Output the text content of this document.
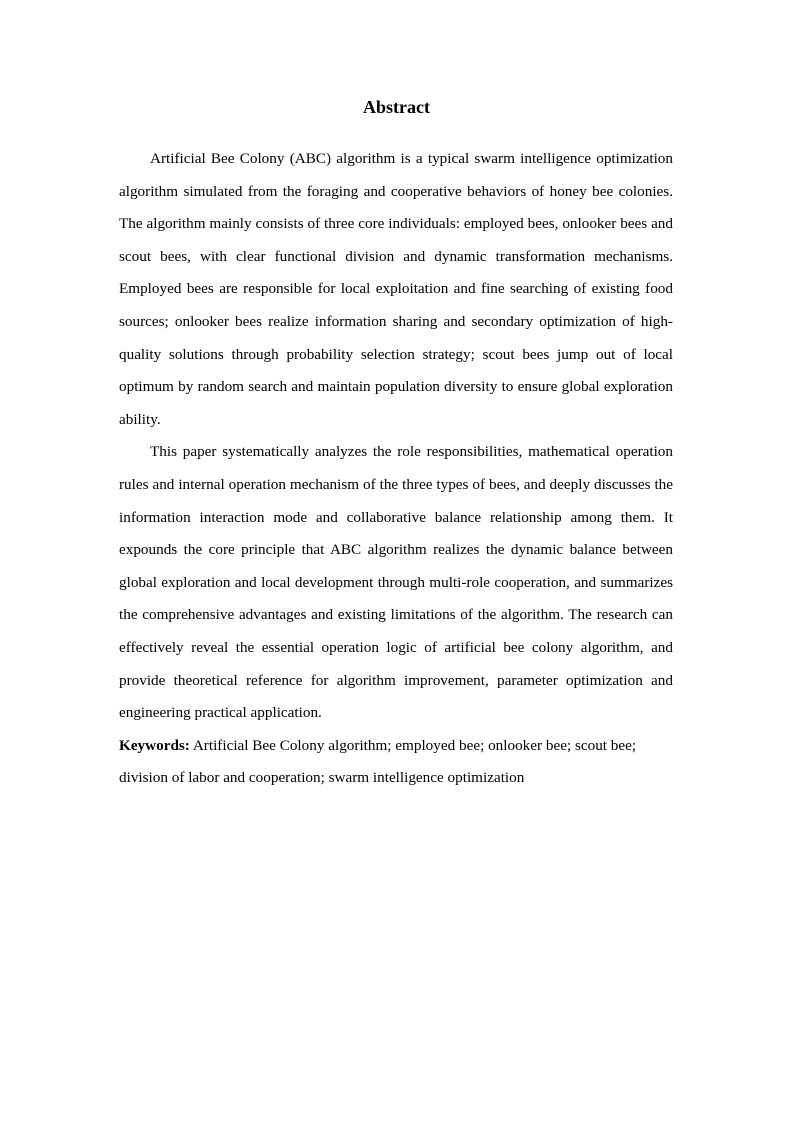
Abstract

Artificial Bee Colony (ABC) algorithm is a typical swarm intelligence optimization algorithm simulated from the foraging and cooperative behaviors of honey bee colonies. The algorithm mainly consists of three core individuals: employed bees, onlooker bees and scout bees, with clear functional division and dynamic transformation mechanisms. Employed bees are responsible for local exploitation and fine searching of existing food sources; onlooker bees realize information sharing and secondary optimization of high-quality solutions through probability selection strategy; scout bees jump out of local optimum by random search and maintain population diversity to ensure global exploration ability.

This paper systematically analyzes the role responsibilities, mathematical operation rules and internal operation mechanism of the three types of bees, and deeply discusses the information interaction mode and collaborative balance relationship among them. It expounds the core principle that ABC algorithm realizes the dynamic balance between global exploration and local development through multi-role cooperation, and summarizes the comprehensive advantages and existing limitations of the algorithm. The research can effectively reveal the essential operation logic of artificial bee colony algorithm, and provide theoretical reference for algorithm improvement, parameter optimization and engineering practical application.

Keywords: Artificial Bee Colony algorithm; employed bee; onlooker bee; scout bee; division of labor and cooperation; swarm intelligence optimization
